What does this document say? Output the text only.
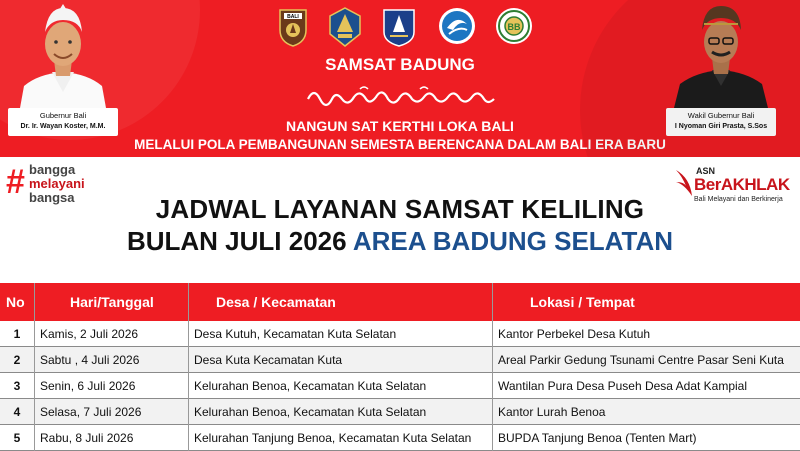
Gubernur Bali
Dr. Ir. Wayan Koster, M.M.
Wakil Gubernur Bali
I Nyoman Giri Prasta, S.Sos
BALI
BB
SAMSAT BADUNG
NANGUN SAT KERTHI LOKA BALI
MELALUI POLA PEMBANGUNAN SEMESTA BERENCANA DALAM BALI ERA BARU
# bangga
melayani
bangsa
ASN
BerAKHLAK
Bali Melayani dan Berkinerja
JADWAL LAYANAN SAMSAT KELILING
BULAN JULI 2026 AREA BADUNG SELATAN
No	Hari/Tanggal	Desa / Kecamatan	Lokasi / Tempat
1	Kamis, 2 Juli 2026	Desa Kutuh, Kecamatan Kuta Selatan	Kantor Perbekel Desa Kutuh
2	Sabtu , 4 Juli 2026	Desa Kuta Kecamatan Kuta	Areal Parkir Gedung Tsunami Centre Pasar Seni Kuta
3	Senin, 6 Juli 2026	Kelurahan Benoa, Kecamatan Kuta Selatan	Wantilan Pura Desa Puseh Desa Adat Kampial
4	Selasa, 7 Juli 2026	Kelurahan Benoa, Kecamatan Kuta Selatan	Kantor Lurah Benoa
5	Rabu, 8 Juli 2026	Kelurahan Tanjung Benoa, Kecamatan Kuta Selatan	BUPDA Tanjung Benoa (Tenten Mart)
